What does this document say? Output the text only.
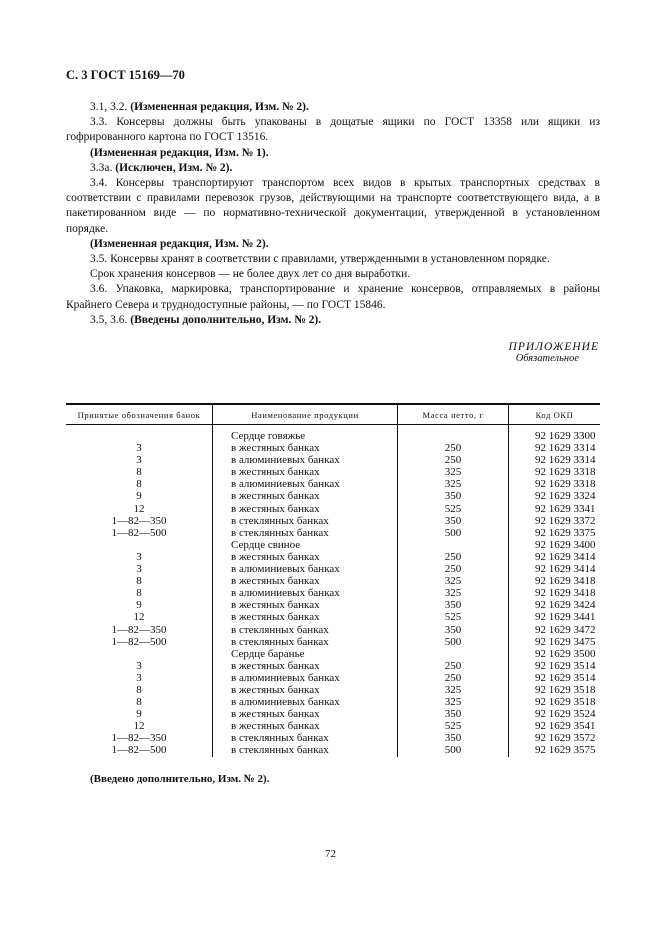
С. 3 ГОСТ 15169—70

3.1, 3.2. (Измененная редакция, Изм. № 2).

3.3. Консервы должны быть упакованы в дощатые ящики по ГОСТ 13358 или ящики из гофрированного картона по ГОСТ 13516.

(Измененная редакция, Изм. № 1).

3.3а. (Исключен, Изм. № 2).

3.4. Консервы транспортируют транспортом всех видов в крытых транспортных средствах в соответствии с правилами перевозок грузов, действующими на транспорте соответствующего вида, а в пакетированном виде — по нормативно-технической документации, утвержденной в установленном порядке.

(Измененная редакция, Изм. № 2).

3.5. Консервы хранят в соответствии с правилами, утвержденными в установленном порядке.

Срок хранения консервов — не более двух лет со дня выработки.

3.6. Упаковка, маркировка, транспортирование и хранение консервов, отправляемых в районы Крайнего Севера и труднодоступные районы, — по ГОСТ 15846.

3.5, 3.6. (Введены дополнительно, Изм. № 2).

ПРИЛОЖЕНИЕ
Обязательное
Принятые обозначения банок	Наименование продукции	Масса нетто, г	Код ОКП
	Сердце говяжье		92 1629 3300
3	в жестяных банках	250	92 1629 3314
3	в алюминиевых банках	250	92 1629 3314
8	в жестяных банках	325	92 1629 3318
8	в алюминиевых банках	325	92 1629 3318
9	в жестяных банках	350	92 1629 3324
12	в жестяных банках	525	92 1629 3341
1—82—350	в стеклянных банках	350	92 1629 3372
1—82—500	в стеклянных банках	500	92 1629 3375
	Сердце свиное		92 1629 3400
3	в жестяных банках	250	92 1629 3414
3	в алюминиевых банках	250	92 1629 3414
8	в жестяных банках	325	92 1629 3418
8	в алюминиевых банках	325	92 1629 3418
9	в жестяных банках	350	92 1629 3424
12	в жестяных банках	525	92 1629 3441
1—82—350	в стеклянных банках	350	92 1629 3472
1—82—500	в стеклянных банках	500	92 1629 3475
	Сердце баранье		92 1629 3500
3	в жестяных банках	250	92 1629 3514
3	в алюминиевых банках	250	92 1629 3514
8	в жестяных банках	325	92 1629 3518
8	в алюминиевых банках	325	92 1629 3518
9	в жестяных банках	350	92 1629 3524
12	в жестяных банках	525	92 1629 3541
1—82—350	в стеклянных банках	350	92 1629 3572
1—82—500	в стеклянных банках	500	92 1629 3575
(Введено дополнительно, Изм. № 2).
72
